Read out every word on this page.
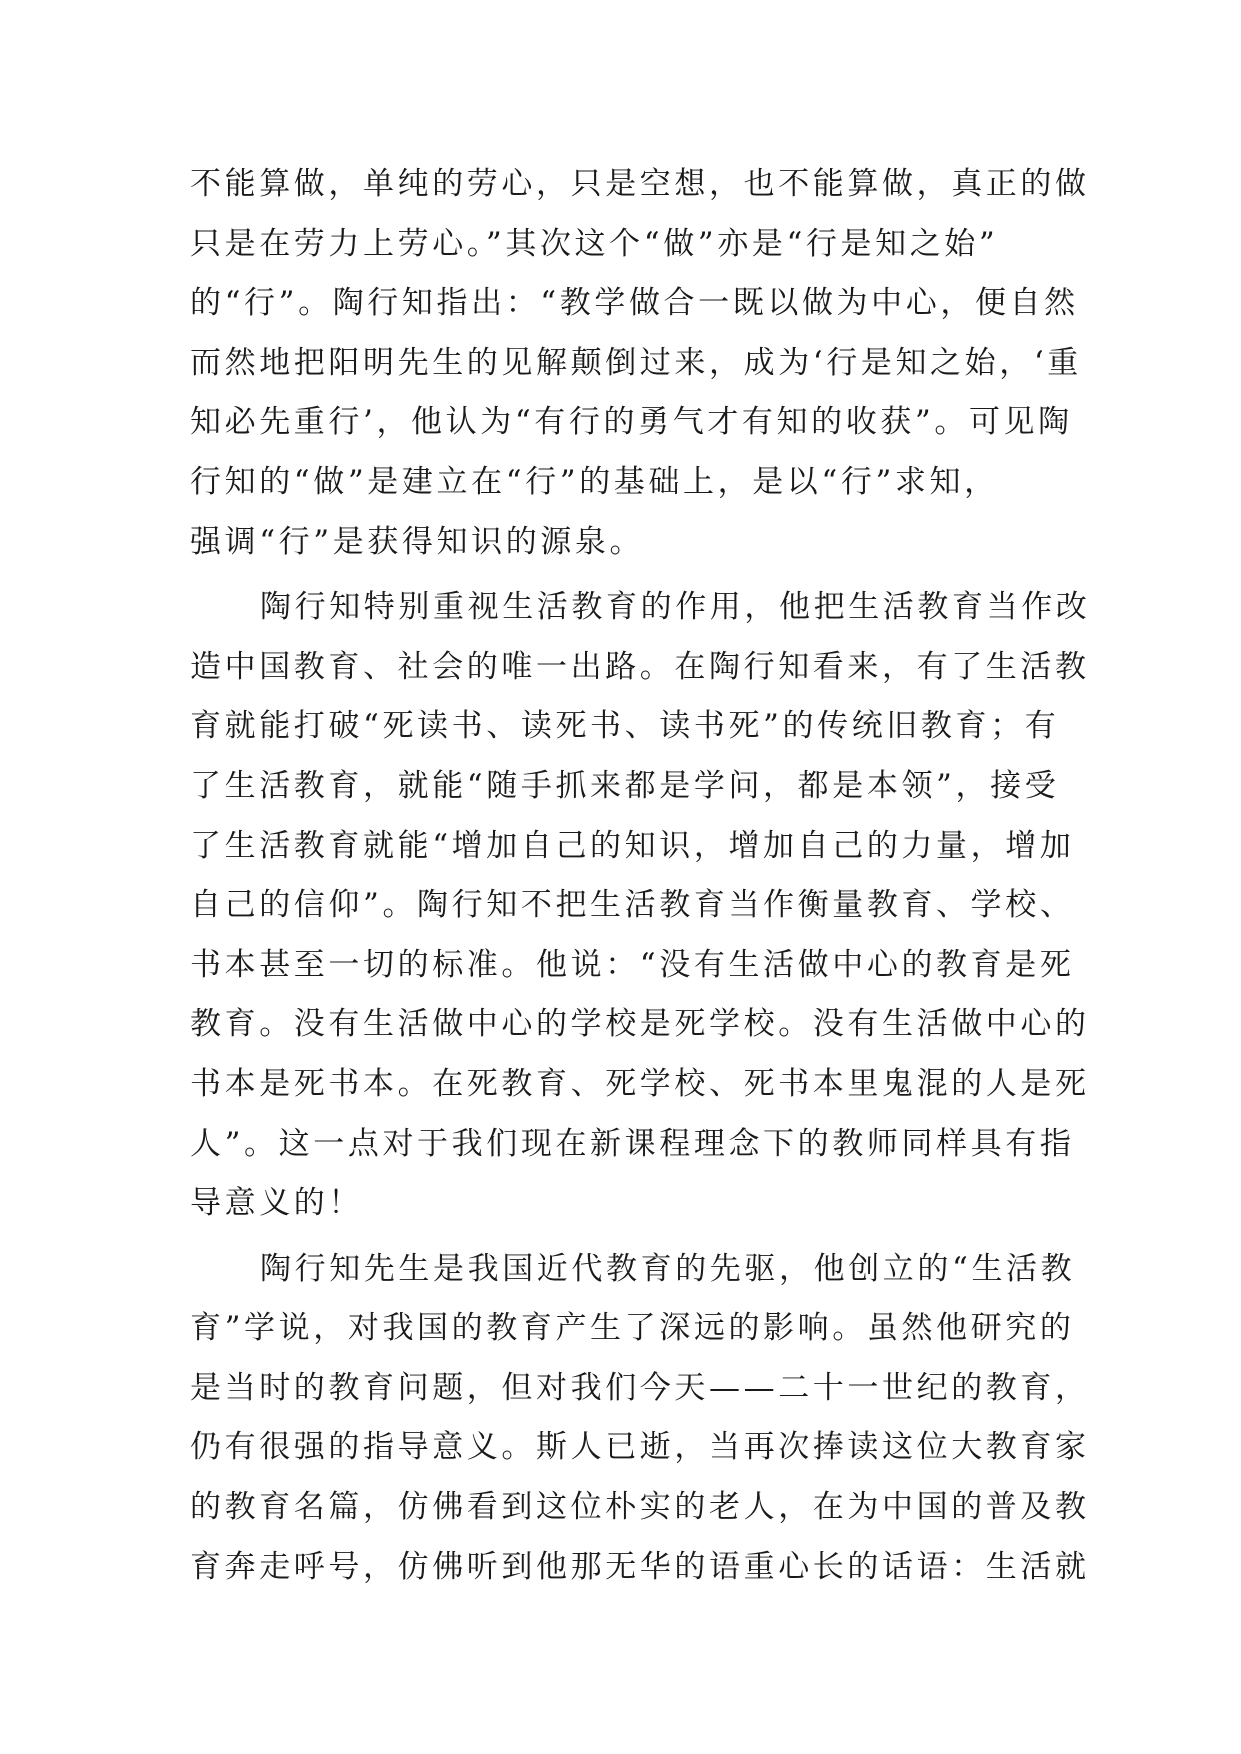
不能算做，单纯的劳心，只是空想，也不能算做，真正的做
只是在劳力上劳心。”其次这个“做”亦是“行是知之始”
的“行”。陶行知指出：“教学做合一既以做为中心，便自然
而然地把阳明先生的见解颠倒过来，成为‘行是知之始，‘重
知必先重行’，他认为“有行的勇气才有知的收获”。可见陶
行知的“做”是建立在“行”的基础上，是以“行”求知，
强调“行”是获得知识的源泉。
陶行知特别重视生活教育的作用，他把生活教育当作改
造中国教育、社会的唯一出路。在陶行知看来，有了生活教
育就能打破“死读书、读死书、读书死”的传统旧教育；有
了生活教育，就能“随手抓来都是学问，都是本领”，接受
了生活教育就能“增加自己的知识，增加自己的力量，增加
自己的信仰”。陶行知不把生活教育当作衡量教育、学校、
书本甚至一切的标准。他说：“没有生活做中心的教育是死
教育。没有生活做中心的学校是死学校。没有生活做中心的
书本是死书本。在死教育、死学校、死书本里鬼混的人是死
人”。这一点对于我们现在新课程理念下的教师同样具有指
导意义的！
陶行知先生是我国近代教育的先驱，他创立的“生活教
育”学说，对我国的教育产生了深远的影响。虽然他研究的
是当时的教育问题，但对我们今天——二十一世纪的教育，
仍有很强的指导意义。斯人已逝，当再次捧读这位大教育家
的教育名篇，仿佛看到这位朴实的老人，在为中国的普及教
育奔走呼号，仿佛听到他那无华的语重心长的话语：生活就
